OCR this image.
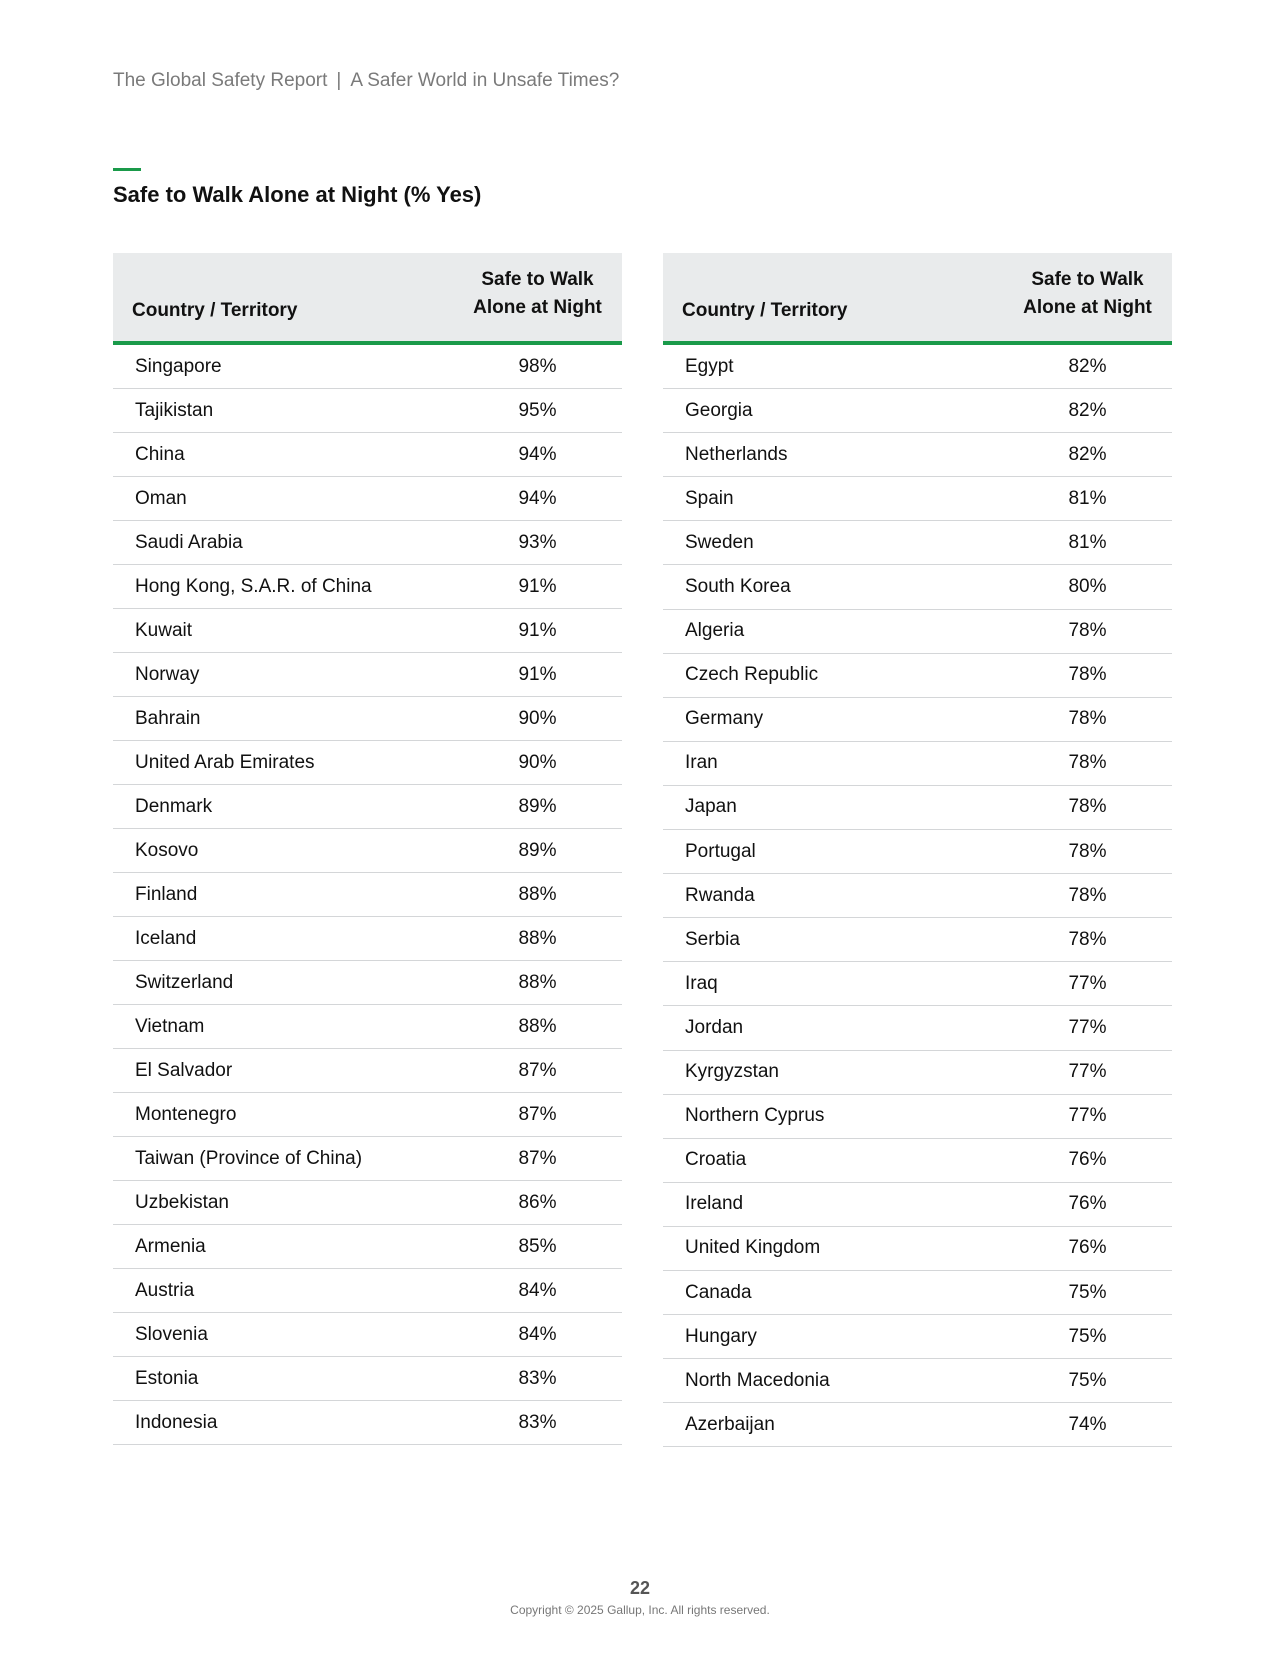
The Global Safety Report | A Safer World in Unsafe Times?
Safe to Walk Alone at Night (% Yes)
Country / Territory
Safe to Walk
Alone at Night
Singapore	98%
Tajikistan	95%
China	94%
Oman	94%
Saudi Arabia	93%
Hong Kong, S.A.R. of China	91%
Kuwait	91%
Norway	91%
Bahrain	90%
United Arab Emirates	90%
Denmark	89%
Kosovo	89%
Finland	88%
Iceland	88%
Switzerland	88%
Vietnam	88%
El Salvador	87%
Montenegro	87%
Taiwan (Province of China)	87%
Uzbekistan	86%
Armenia	85%
Austria	84%
Slovenia	84%
Estonia	83%
Indonesia	83%
Country / Territory
Safe to Walk
Alone at Night
Egypt	82%
Georgia	82%
Netherlands	82%
Spain	81%
Sweden	81%
South Korea	80%
Algeria	78%
Czech Republic	78%
Germany	78%
Iran	78%
Japan	78%
Portugal	78%
Rwanda	78%
Serbia	78%
Iraq	77%
Jordan	77%
Kyrgyzstan	77%
Northern Cyprus	77%
Croatia	76%
Ireland	76%
United Kingdom	76%
Canada	75%
Hungary	75%
North Macedonia	75%
Azerbaijan	74%
22
Copyright © 2025 Gallup, Inc. All rights reserved.
